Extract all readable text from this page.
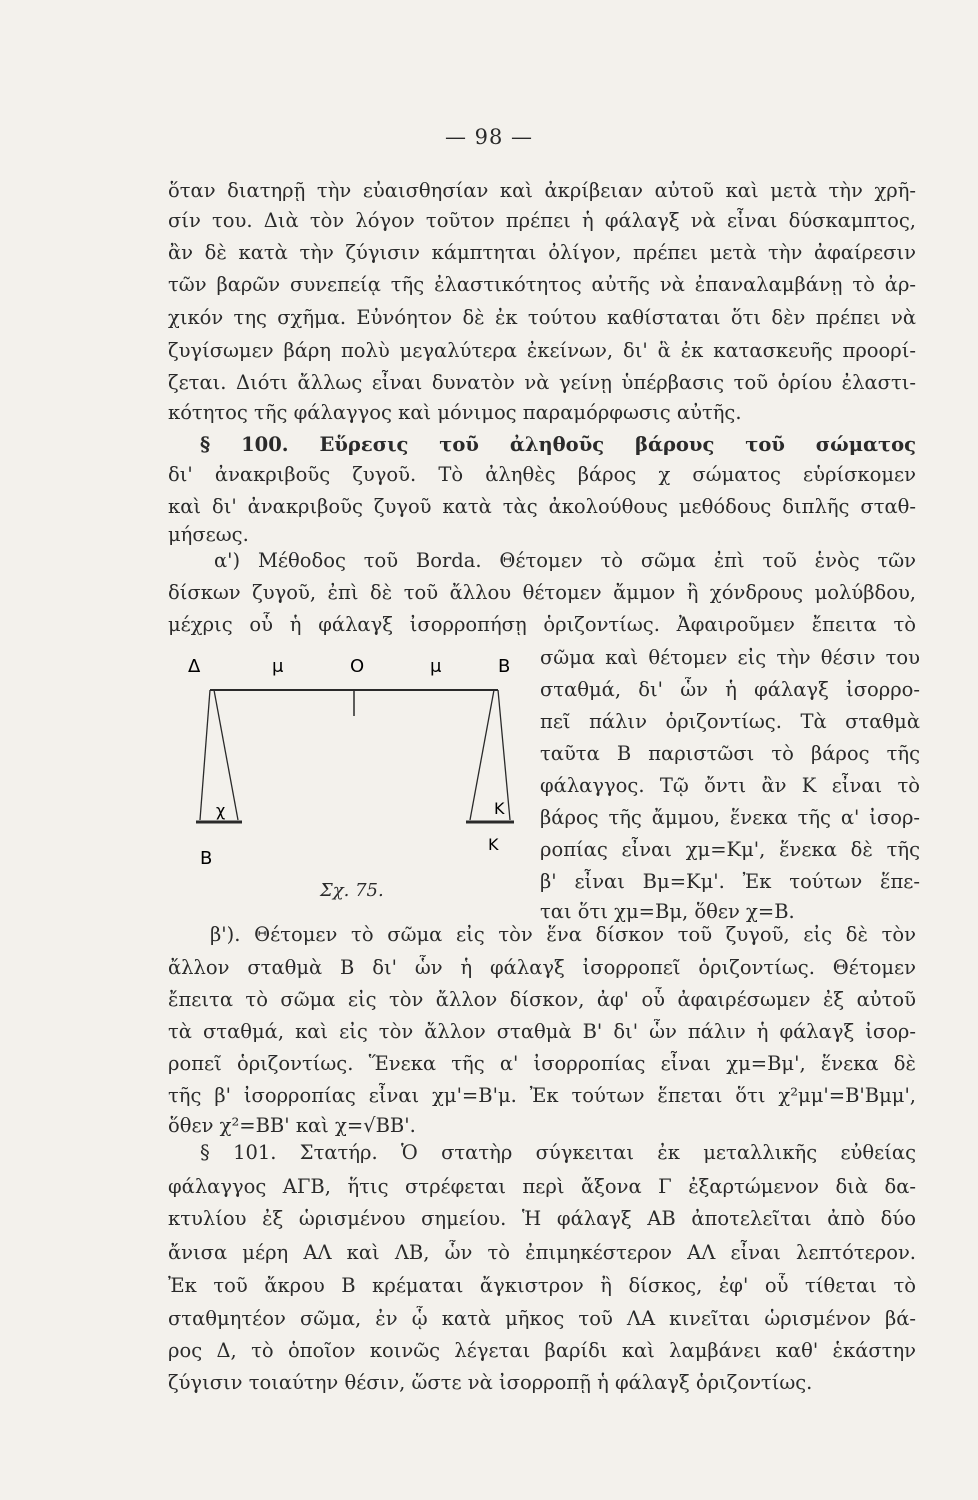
— 98 —
ὅταν διατηρῇ τὴν εὐαισθησίαν καὶ ἀκρίβειαν αὐτοῦ καὶ μετὰ τὴν χρῆ-
σίν του. Διὰ τὸν λόγον τοῦτον πρέπει ἡ φάλαγξ νὰ εἶναι δύσκαμπτος,
ἂν δὲ κατὰ τὴν ζύγισιν κάμπτηται ὀλίγον, πρέπει μετὰ τὴν ἀφαίρεσιν
τῶν βαρῶν συνεπείᾳ τῆς ἐλαστικότητος αὐτῆς νὰ ἐπαναλαμβάνῃ τὸ ἀρ-
χικόν της σχῆμα. Εὐνόητον δὲ ἐκ τούτου καθίσταται ὅτι δὲν πρέπει νὰ
ζυγίσωμεν βάρη πολὺ μεγαλύτερα ἐκείνων, δι' ἃ ἐκ κατασκευῆς προορί-
ζεται. Διότι ἄλλως εἶναι δυνατὸν νὰ γείνῃ ὑπέρβασις τοῦ ὁρίου ἐλαστι-
κότητος τῆς φάλαγγος καὶ μόνιμος παραμόρφωσις αὐτῆς.
§ 100. Εὕρεσις τοῦ ἀληθοῦς βάρους τοῦ σώματος
δι' ἀνακριβοῦς ζυγοῦ. Τὸ ἀληθὲς βάρος χ σώματος εὑρίσκομεν
καὶ δι' ἀνακριβοῦς ζυγοῦ κατὰ τὰς ἀκολούθους μεθόδους διπλῆς σταθ-
μήσεως.
α') Μέθοδος τοῦ Borda. Θέτομεν τὸ σῶμα ἐπὶ τοῦ ἑνὸς τῶν
δίσκων ζυγοῦ, ἐπὶ δὲ τοῦ ἄλλου θέτομεν ἄμμον ἢ χόνδρους μολύβδου,
μέχρις οὗ ἡ φάλαγξ ἰσορροπήσῃ ὁριζοντίως. Ἀφαιροῦμεν ἔπειτα τὸ
σῶμα καὶ θέτομεν εἰς τὴν θέσιν του
σταθμά, δι' ὧν ἡ φάλαγξ ἰσορρο-
πεῖ πάλιν ὁριζοντίως. Τὰ σταθμὰ
ταῦτα Β παριστῶσι τὸ βάρος τῆς
φάλαγγος. Τῷ ὄντι ἂν Κ εἶναι τὸ
βάρος τῆς ἄμμου, ἕνεκα τῆς α' ἰσορ-
ροπίας εἶναι χμ=Κμ', ἕνεκα δὲ τῆς
β' εἶναι Βμ=Κμ'. Ἐκ τούτων ἕπε-
ται ὅτι χμ=Βμ, ὅθεν χ=Β.
Δ	μ	Ο	μ	Β
χ	Κ
Β
Κ
Σχ. 75.
β'). Θέτομεν τὸ σῶμα εἰς τὸν ἕνα δίσκον τοῦ ζυγοῦ, εἰς δὲ τὸν
ἄλλον σταθμὰ Β δι' ὧν ἡ φάλαγξ ἰσορροπεῖ ὁριζοντίως. Θέτομεν
ἔπειτα τὸ σῶμα εἰς τὸν ἄλλον δίσκον, ἀφ' οὗ ἀφαιρέσωμεν ἐξ αὐτοῦ
τὰ σταθμά, καὶ εἰς τὸν ἄλλον σταθμὰ Β' δι' ὧν πάλιν ἡ φάλαγξ ἰσορ-
ροπεῖ ὁριζοντίως. Ἕνεκα τῆς α' ἰσορροπίας εἶναι χμ=Βμ', ἕνεκα δὲ
τῆς β' ἰσορροπίας εἶναι χμ'=Β'μ. Ἐκ τούτων ἕπεται ὅτι χ²μμ'=Β'Βμμ',
ὅθεν χ²=ΒΒ' καὶ χ=√ΒΒ'.
§ 101. Στατήρ. Ὁ στατὴρ σύγκειται ἐκ μεταλλικῆς εὐθείας
φάλαγγος ΑΓΒ, ἥτις στρέφεται περὶ ἄξονα Γ ἐξαρτώμενον διὰ δα-
κτυλίου ἐξ ὡρισμένου σημείου. Ἡ φάλαγξ ΑΒ ἀποτελεῖται ἀπὸ δύο
ἄνισα μέρη ΑΛ καὶ ΛΒ, ὧν τὸ ἐπιμηκέστερον ΑΛ εἶναι λεπτότερον.
Ἐκ τοῦ ἄκρου Β κρέμαται ἄγκιστρον ἢ δίσκος, ἐφ' οὗ τίθεται τὸ
σταθμητέον σῶμα, ἐν ᾧ κατὰ μῆκος τοῦ ΛΑ κινεῖται ὡρισμένον βά-
ρος Δ, τὸ ὁποῖον κοινῶς λέγεται βαρίδι καὶ λαμβάνει καθ' ἑκάστην
ζύγισιν τοιαύτην θέσιν, ὥστε νὰ ἰσορροπῇ ἡ φάλαγξ ὁριζοντίως.
